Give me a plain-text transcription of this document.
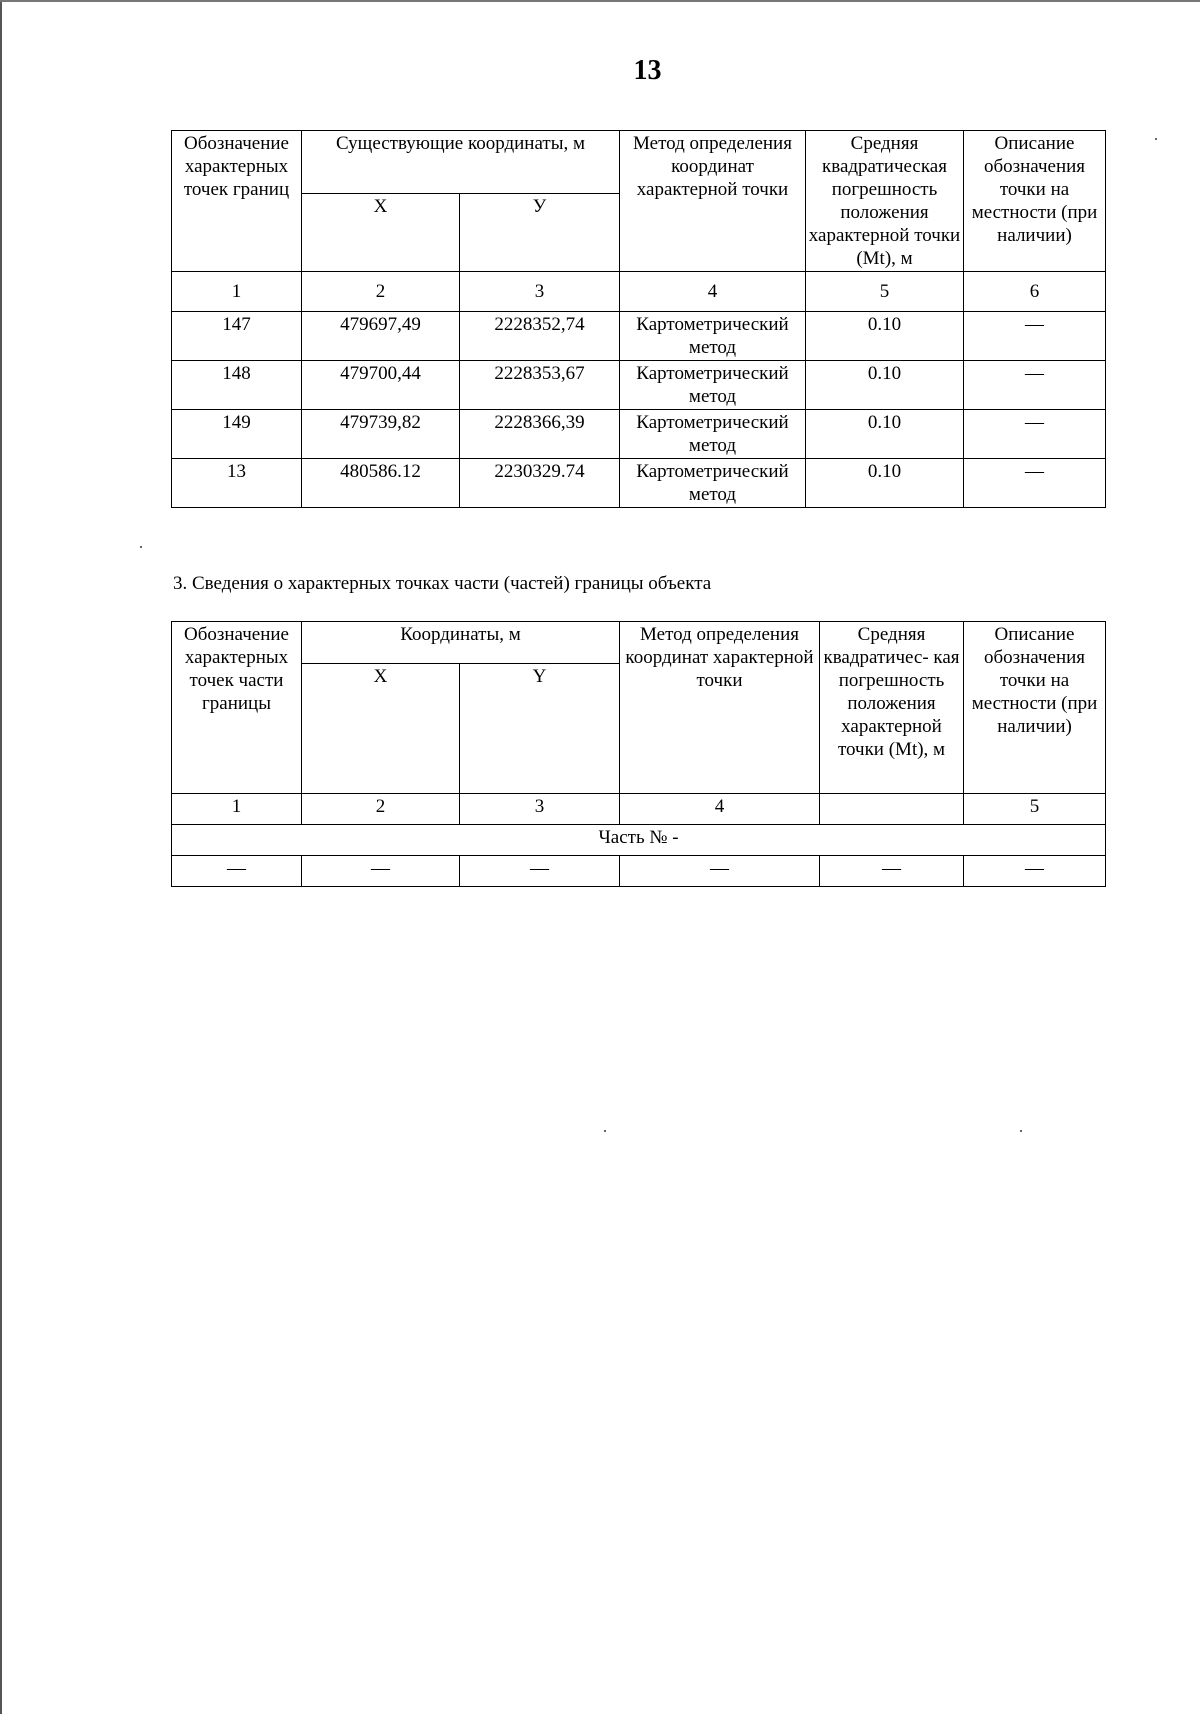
13
Обозначение характерных точек границ	Существующие координаты, м		Метод определения координат характерной точки	Средняя квадратическая погрешность положения характерной точки (Mt), м	Описание обозначения точки на местности (при наличии)
	X	У			
1	2	3	4	5	6
147	479697,49	2228352,74	Картометрический метод	0.10	—
148	479700,44	2228353,67	Картометрический метод	0.10	—
149	479739,82	2228366,39	Картометрический метод	0.10	—
13	480586.12	2230329.74	Картометрический метод	0.10	—
3. Сведения о характерных точках части (частей) границы объекта
Обозначение характерных точек части границы	Координаты, м		Метод определения координат характерной точки	Средняя квадратичес- кая погрешность положения характерной точки (Mt), м	Описание обозначения точки на местности (при наличии)
	X	Y			
1	2	3	4		5
Часть № -					
—	—	—	—	—	—
